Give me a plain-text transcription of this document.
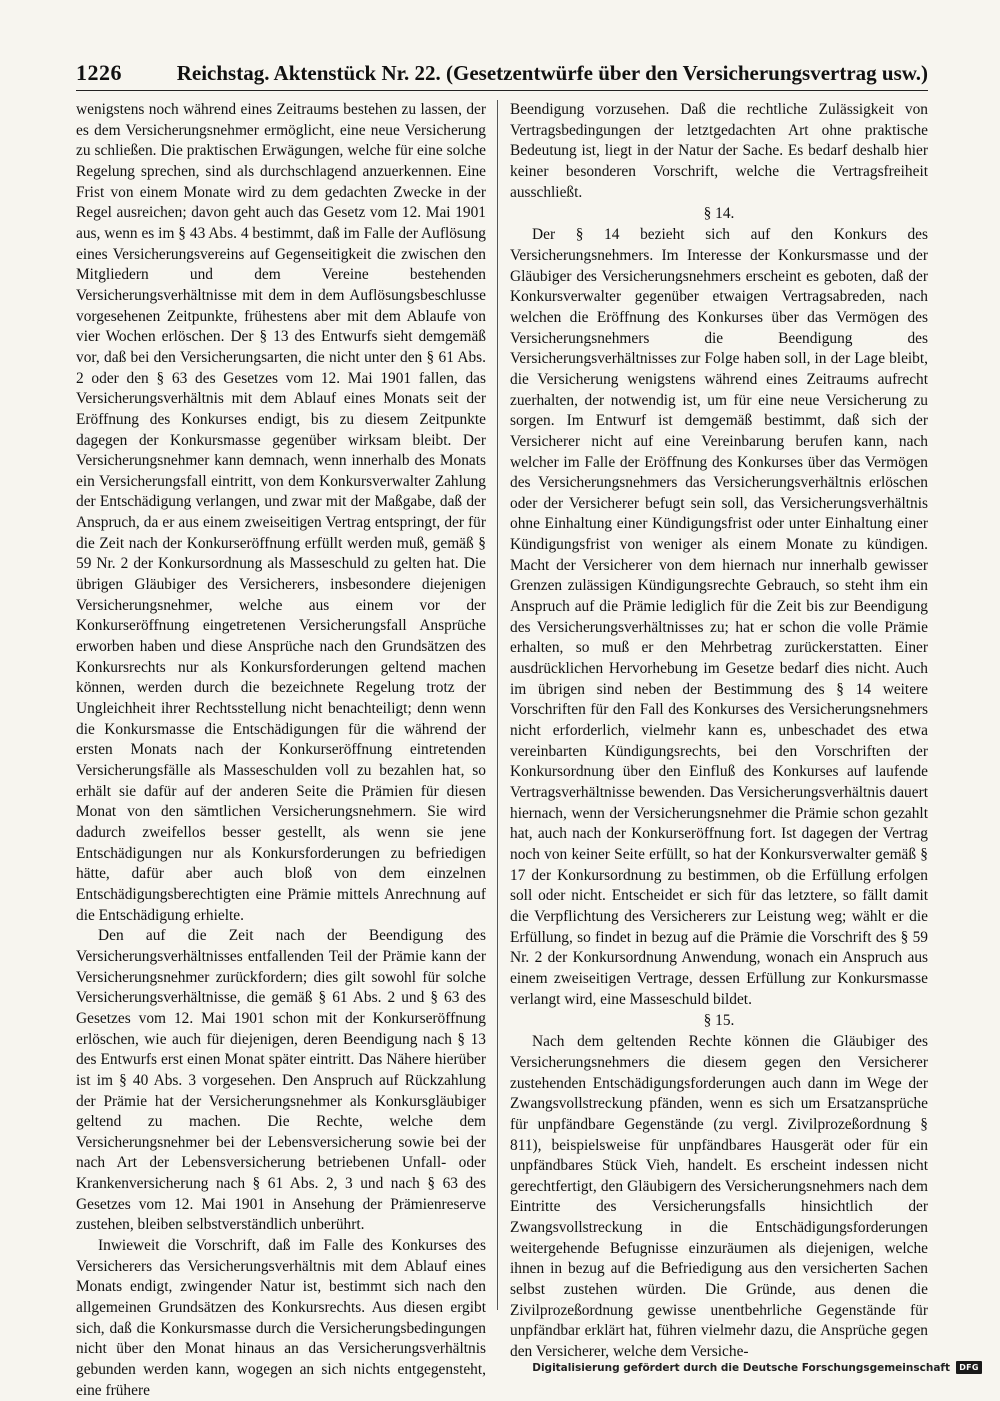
1226	Reichstag. Aktenstück Nr. 22. (Gesetzentwürfe über den Versicherungsvertrag usw.)

wenigstens noch während eines Zeitraums bestehen zu lassen, der es dem Versicherungsnehmer ermöglicht, eine neue Versicherung zu schließen. Die praktischen Erwägungen, welche für eine solche Regelung sprechen, sind als durchschlagend anzuerkennen. Eine Frist von einem Monate wird zu dem gedachten Zwecke in der Regel ausreichen; davon geht auch das Gesetz vom 12. Mai 1901 aus, wenn es im § 43 Abs. 4 bestimmt, daß im Falle der Auflösung eines Versicherungsvereins auf Gegenseitigkeit die zwischen den Mitgliedern und dem Vereine bestehenden Versicherungsverhältnisse mit dem in dem Auflösungsbeschlusse vorgesehenen Zeitpunkte, frühestens aber mit dem Ablaufe von vier Wochen erlöschen. Der § 13 des Entwurfs sieht demgemäß vor, daß bei den Versicherungsarten, die nicht unter den § 61 Abs. 2 oder den § 63 des Gesetzes vom 12. Mai 1901 fallen, das Versicherungsverhältnis mit dem Ablauf eines Monats seit der Eröffnung des Konkurses endigt, bis zu diesem Zeitpunkte dagegen der Konkursmasse gegenüber wirksam bleibt. Der Versicherungsnehmer kann demnach, wenn innerhalb des Monats ein Versicherungsfall eintritt, von dem Konkursverwalter Zahlung der Entschädigung verlangen, und zwar mit der Maßgabe, daß der Anspruch, da er aus einem zweiseitigen Vertrag entspringt, der für die Zeit nach der Konkurseröffnung erfüllt werden muß, gemäß § 59 Nr. 2 der Konkursordnung als Masseschuld zu gelten hat. Die übrigen Gläubiger des Versicherers, insbesondere diejenigen Versicherungsnehmer, welche aus einem vor der Konkurseröffnung eingetretenen Versicherungsfall Ansprüche erworben haben und diese Ansprüche nach den Grundsätzen des Konkursrechts nur als Konkursforderungen geltend machen können, werden durch die bezeichnete Regelung trotz der Ungleichheit ihrer Rechtsstellung nicht benachteiligt; denn wenn die Konkursmasse die Entschädigungen für die während der ersten Monats nach der Konkurseröffnung eintretenden Versicherungsfälle als Masseschulden voll zu bezahlen hat, so erhält sie dafür auf der anderen Seite die Prämien für diesen Monat von den sämtlichen Versicherungsnehmern. Sie wird dadurch zweifellos besser gestellt, als wenn sie jene Entschädigungen nur als Konkursforderungen zu befriedigen hätte, dafür aber auch bloß von dem einzelnen Entschädigungsberechtigten eine Prämie mittels Anrechnung auf die Entschädigung erhielte.

Den auf die Zeit nach der Beendigung des Versicherungsverhältnisses entfallenden Teil der Prämie kann der Versicherungsnehmer zurückfordern; dies gilt sowohl für solche Versicherungsverhältnisse, die gemäß § 61 Abs. 2 und § 63 des Gesetzes vom 12. Mai 1901 schon mit der Konkurseröffnung erlöschen, wie auch für diejenigen, deren Beendigung nach § 13 des Entwurfs erst einen Monat später eintritt. Das Nähere hierüber ist im § 40 Abs. 3 vorgesehen. Den Anspruch auf Rückzahlung der Prämie hat der Versicherungsnehmer als Konkursgläubiger geltend zu machen. Die Rechte, welche dem Versicherungsnehmer bei der Lebensversicherung sowie bei der nach Art der Lebensversicherung betriebenen Unfall- oder Krankenversicherung nach § 61 Abs. 2, 3 und nach § 63 des Gesetzes vom 12. Mai 1901 in Ansehung der Prämienreserve zustehen, bleiben selbstverständlich unberührt.

Inwieweit die Vorschrift, daß im Falle des Konkurses des Versicherers das Versicherungsverhältnis mit dem Ablauf eines Monats endigt, zwingender Natur ist, bestimmt sich nach den allgemeinen Grundsätzen des Konkursrechts. Aus diesen ergibt sich, daß die Konkursmasse durch die Versicherungsbedingungen nicht über den Monat hinaus an das Versicherungsverhältnis gebunden werden kann, wogegen an sich nichts entgegensteht, eine frühere

Beendigung vorzusehen. Daß die rechtliche Zulässigkeit von Vertragsbedingungen der letztgedachten Art ohne praktische Bedeutung ist, liegt in der Natur der Sache. Es bedarf deshalb hier keiner besonderen Vorschrift, welche die Vertragsfreiheit ausschließt.

§ 14.

Der § 14 bezieht sich auf den Konkurs des Versicherungsnehmers. Im Interesse der Konkursmasse und der Gläubiger des Versicherungsnehmers erscheint es geboten, daß der Konkursverwalter gegenüber etwaigen Vertragsabreden, nach welchen die Eröffnung des Konkurses über das Vermögen des Versicherungsnehmers die Beendigung des Versicherungsverhältnisses zur Folge haben soll, in der Lage bleibt, die Versicherung wenigstens während eines Zeitraums aufrecht zuerhalten, der notwendig ist, um für eine neue Versicherung zu sorgen. Im Entwurf ist demgemäß bestimmt, daß sich der Versicherer nicht auf eine Vereinbarung berufen kann, nach welcher im Falle der Eröffnung des Konkurses über das Vermögen des Versicherungsnehmers das Versicherungsverhältnis erlöschen oder der Versicherer befugt sein soll, das Versicherungsverhältnis ohne Einhaltung einer Kündigungsfrist oder unter Einhaltung einer Kündigungsfrist von weniger als einem Monate zu kündigen. Macht der Versicherer von dem hiernach nur innerhalb gewisser Grenzen zulässigen Kündigungsrechte Gebrauch, so steht ihm ein Anspruch auf die Prämie lediglich für die Zeit bis zur Beendigung des Versicherungsverhältnisses zu; hat er schon die volle Prämie erhalten, so muß er den Mehrbetrag zurückerstatten. Einer ausdrücklichen Hervorhebung im Gesetze bedarf dies nicht. Auch im übrigen sind neben der Bestimmung des § 14 weitere Vorschriften für den Fall des Konkurses des Versicherungsnehmers nicht erforderlich, vielmehr kann es, unbeschadet des etwa vereinbarten Kündigungsrechts, bei den Vorschriften der Konkursordnung über den Einfluß des Konkurses auf laufende Vertragsverhältnisse bewenden. Das Versicherungsverhältnis dauert hiernach, wenn der Versicherungsnehmer die Prämie schon gezahlt hat, auch nach der Konkurseröffnung fort. Ist dagegen der Vertrag noch von keiner Seite erfüllt, so hat der Konkursverwalter gemäß § 17 der Konkursordnung zu bestimmen, ob die Erfüllung erfolgen soll oder nicht. Entscheidet er sich für das letztere, so fällt damit die Verpflichtung des Versicherers zur Leistung weg; wählt er die Erfüllung, so findet in bezug auf die Prämie die Vorschrift des § 59 Nr. 2 der Konkursordnung Anwendung, wonach ein Anspruch aus einem zweiseitigen Vertrage, dessen Erfüllung zur Konkursmasse verlangt wird, eine Masseschuld bildet.

§ 15.

Nach dem geltenden Rechte können die Gläubiger des Versicherungsnehmers die diesem gegen den Versicherer zustehenden Entschädigungsforderungen auch dann im Wege der Zwangsvollstreckung pfänden, wenn es sich um Ersatzansprüche für unpfändbare Gegenstände (zu vergl. Zivilprozeßordnung § 811), beispielsweise für unpfändbares Hausgerät oder für ein unpfändbares Stück Vieh, handelt. Es erscheint indessen nicht gerechtfertigt, den Gläubigern des Versicherungsnehmers nach dem Eintritte des Versicherungsfalls hinsichtlich der Zwangsvollstreckung in die Entschädigungsforderungen weitergehende Befugnisse einzuräumen als diejenigen, welche ihnen in bezug auf die Befriedigung aus den versicherten Sachen selbst zustehen würden. Die Gründe, aus denen die Zivilprozeßordnung gewisse unentbehrliche Gegenstände für unpfändbar erklärt hat, führen vielmehr dazu, die Ansprüche gegen den Versicherer, welche dem Versiche-

Digitalisierung gefördert durch die Deutsche Forschungsgemeinschaft	DFG
